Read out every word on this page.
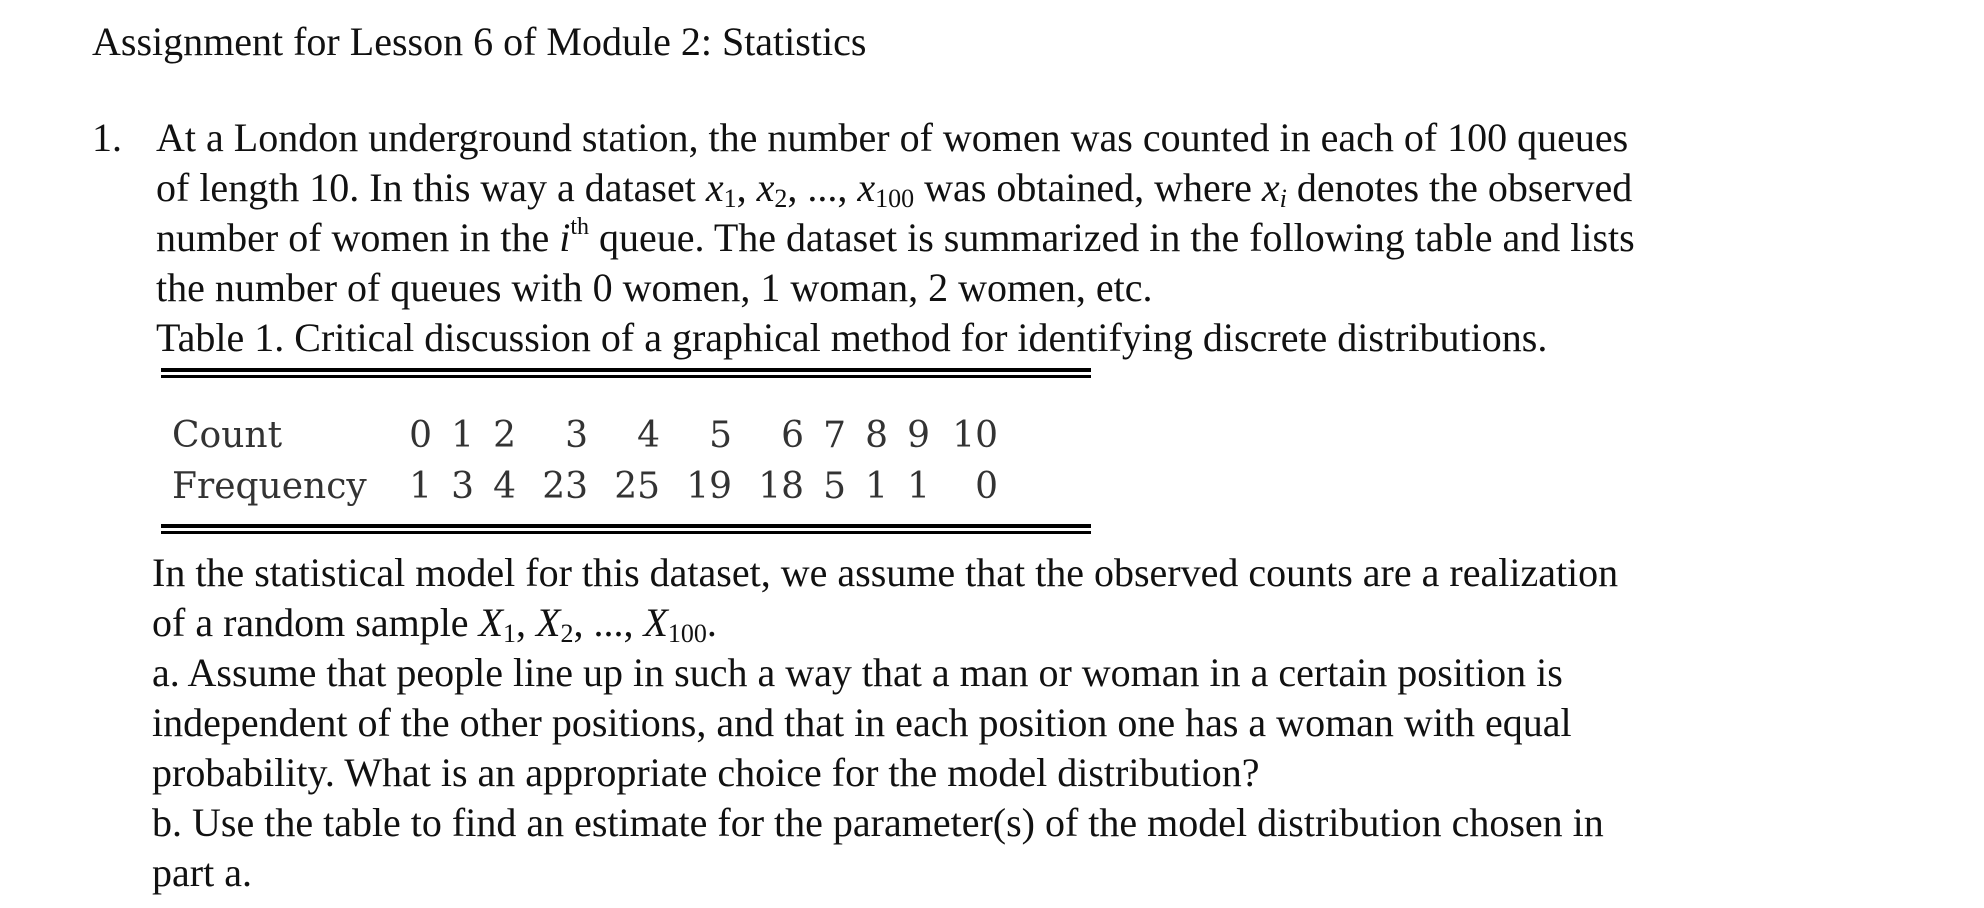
Assignment for Lesson 6 of Module 2: Statistics
1. At a London underground station, the number of women was counted in each of 100 queues
of length 10. In this way a dataset $x_1$, $x_2$, ..., $x_{100}$ was obtained, where $x_i$ denotes the observed
number of women in the $i^{th}$ queue. The dataset is summarized in the following table and lists
the number of queues with 0 women, 1 woman, 2 women, etc.
Table 1. Critical discussion of a graphical method for identifying discrete distributions.
Count	0	1	2	3	4	5	6	7	8	9	10
Frequency	1	3	4	23	25	19	18	5	1	1	0
In the statistical model for this dataset, we assume that the observed counts are a realization
of a random sample $X_1$, $X_2$, ..., $X_{100}$.
a. Assume that people line up in such a way that a man or woman in a certain position is
independent of the other positions, and that in each position one has a woman with equal
probability. What is an appropriate choice for the model distribution?
b. Use the table to find an estimate for the parameter(s) of the model distribution chosen in
part a.
